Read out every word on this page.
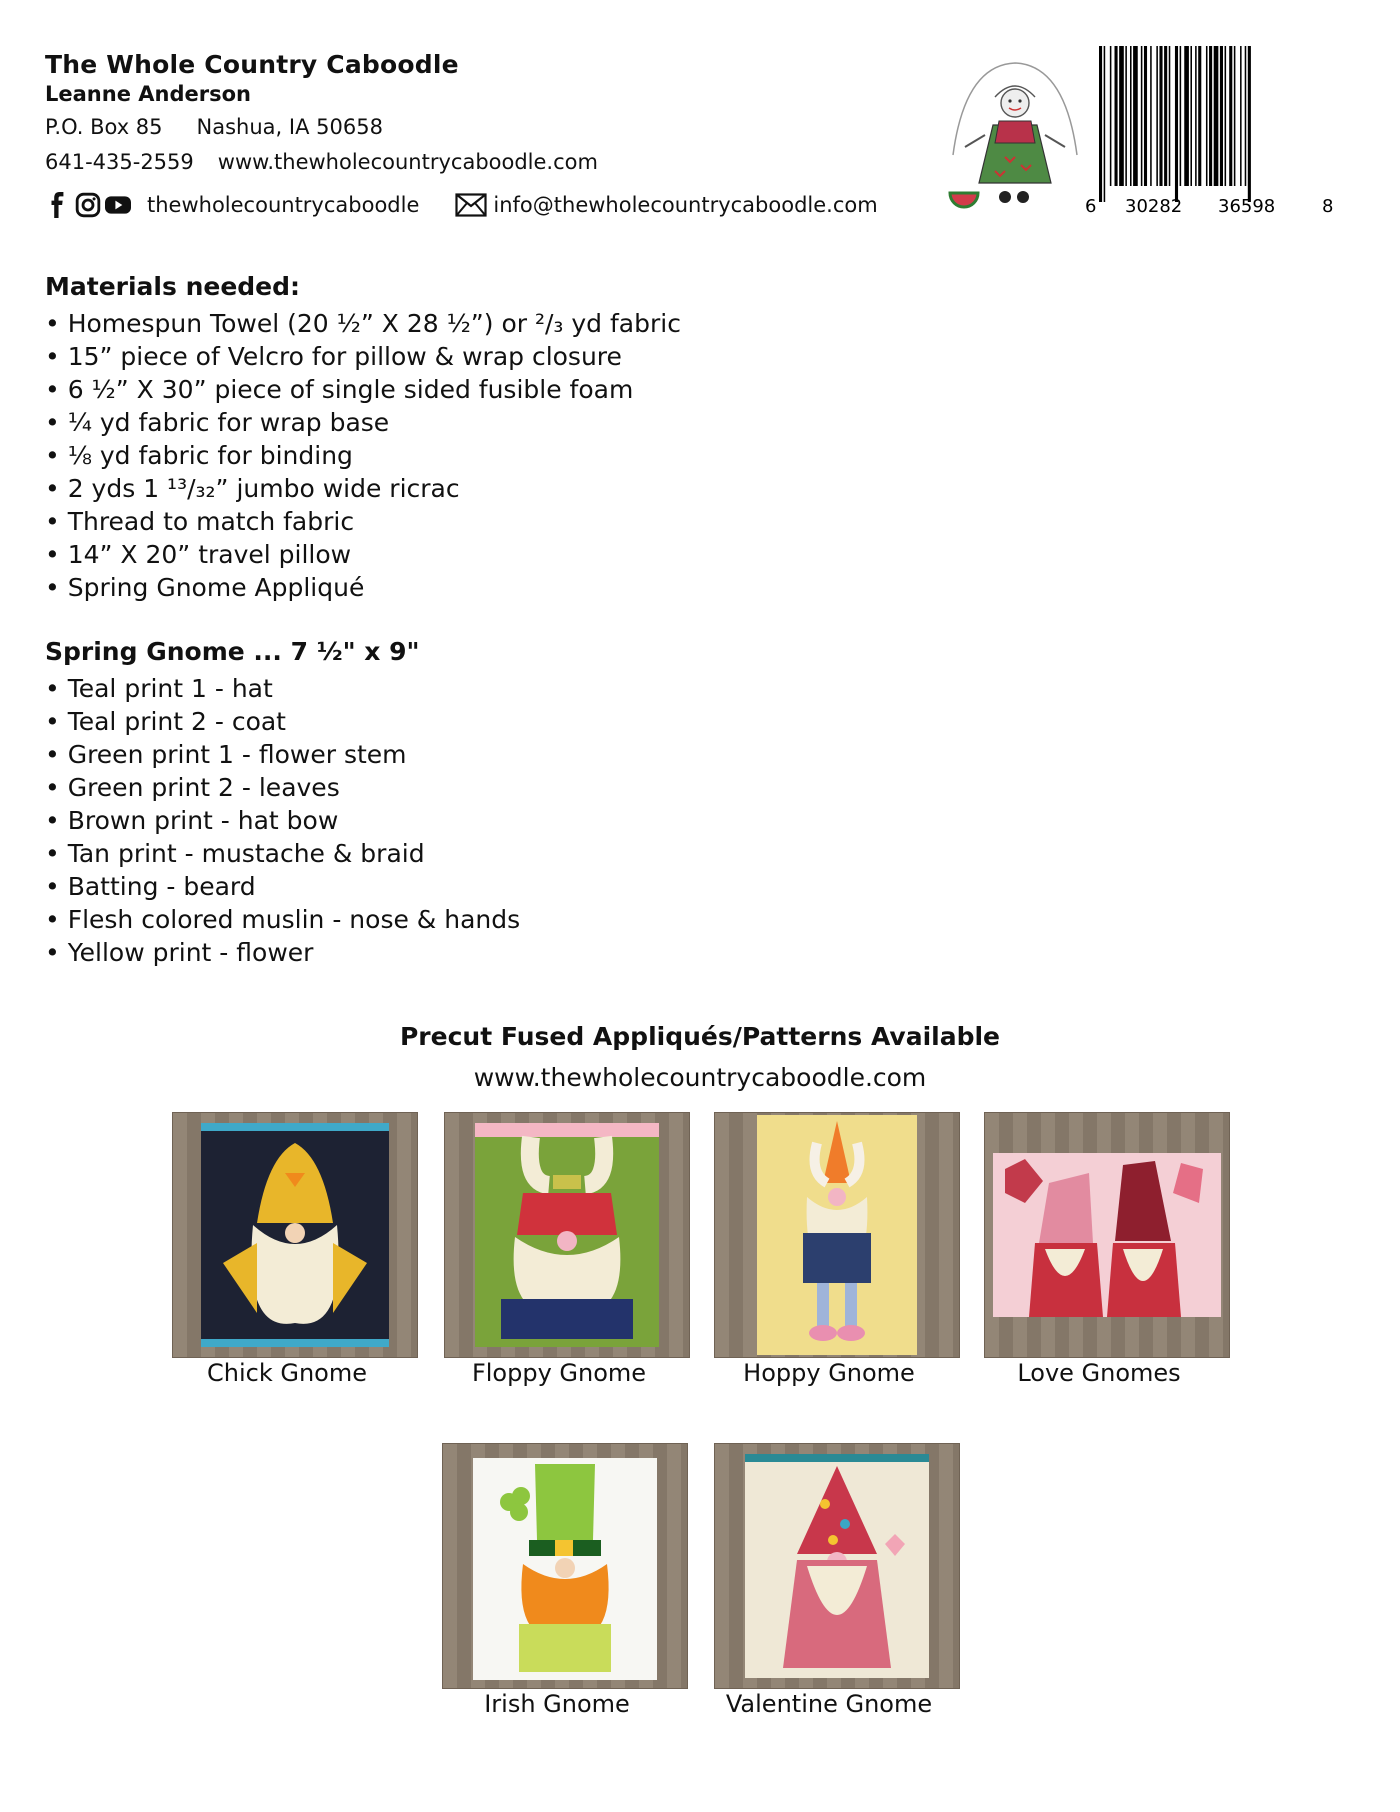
The Whole Country Caboodle
Leanne Anderson
P.O. Box 85 Nashua, IA 50658
641-435-2559 www.thewholecountrycaboodle.com
thewholecountrycaboodle	info@thewholecountrycaboodle.com	6 30282 36598	8
Materials needed:
• Homespun Towel (20 ½” X 28 ½”) or ²/₃ yd fabric
• 15” piece of Velcro for pillow & wrap closure
• 6 ½” X 30” piece of single sided fusible foam
• ¼ yd fabric for wrap base
• ⅛ yd fabric for binding
• 2 yds 1 ¹³/₃₂” jumbo wide ricrac
• Thread to match fabric
• 14” X 20” travel pillow
• Spring Gnome Appliqué
Spring Gnome ... 7 ½" x 9"
• Teal print 1 - hat
• Teal print 2 - coat
• Green print 1 - flower stem
• Green print 2 - leaves
• Brown print - hat bow
• Tan print - mustache & braid
• Batting - beard
• Flesh colored muslin - nose & hands
• Yellow print - flower
Precut Fused Appliqués/Patterns Available
www.thewholecountrycaboodle.com
Chick Gnome	Floppy Gnome	Hoppy Gnome	Love Gnomes
Irish Gnome	Valentine Gnome
